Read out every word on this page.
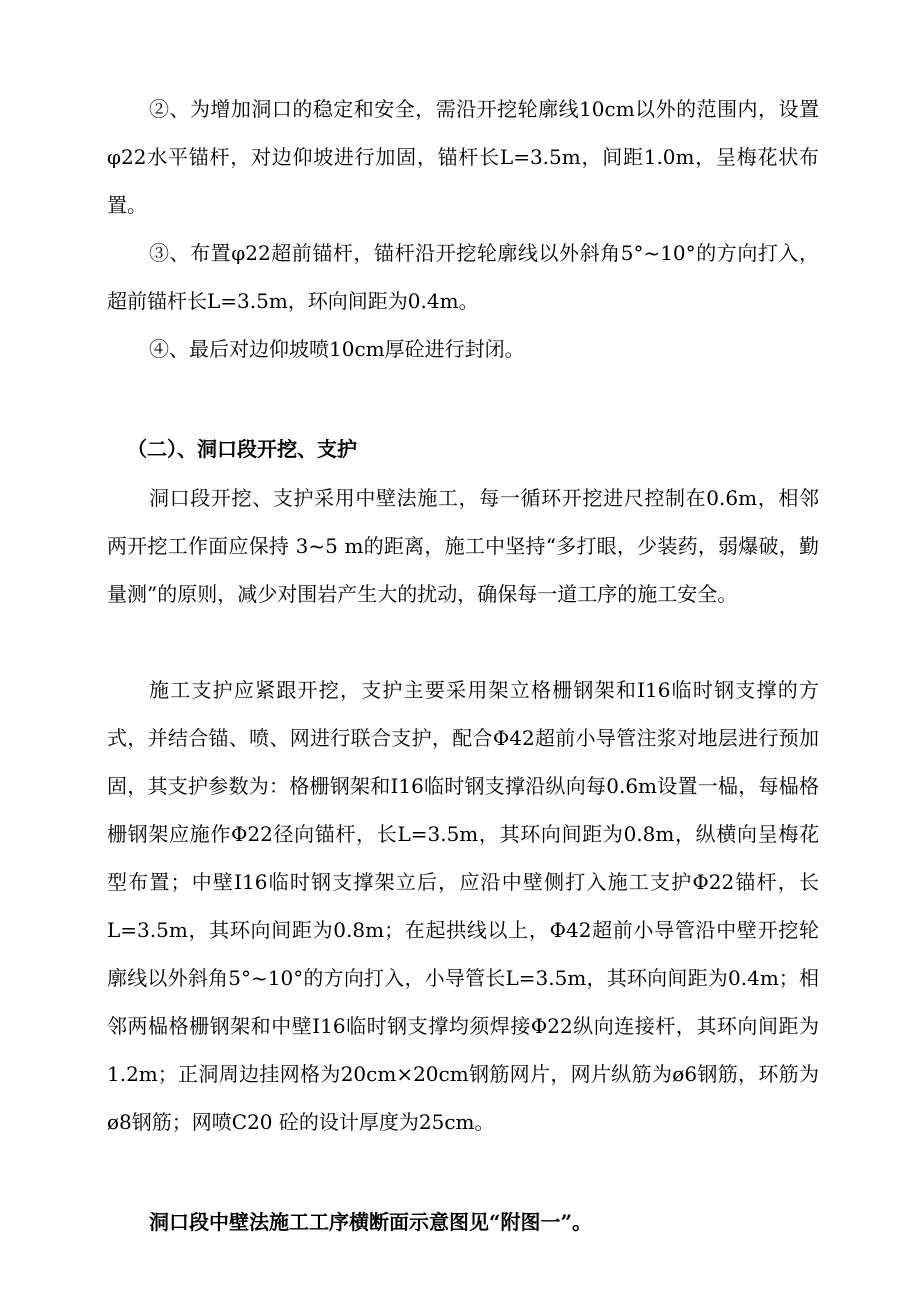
②、为增加洞口的稳定和安全，需沿开挖轮廓线10cm以外的范围内，设置φ22水平锚杆，对边仰坡进行加固，锚杆长L=3.5m，间距1.0m，呈梅花状布置。

③、布置φ22超前锚杆，锚杆沿开挖轮廓线以外斜角5°~10°的方向打入，超前锚杆长L=3.5m，环向间距为0.4m。

④、最后对边仰坡喷10cm厚砼进行封闭。

（二）、洞口段开挖、支护

洞口段开挖、支护采用中壁法施工，每一循环开挖进尺控制在0.6m，相邻两开挖工作面应保持 3~5 m的距离，施工中坚持“多打眼，少装药，弱爆破，勤量测”的原则，减少对围岩产生大的扰动，确保每一道工序的施工安全。

施工支护应紧跟开挖，支护主要采用架立格栅钢架和I16临时钢支撑的方式，并结合锚、喷、网进行联合支护，配合Φ42超前小导管注浆对地层进行预加固，其支护参数为：格栅钢架和I16临时钢支撑沿纵向每0.6m设置一榀，每榀格栅钢架应施作Φ22径向锚杆，长L=3.5m，其环向间距为0.8m，纵横向呈梅花型布置；中壁I16临时钢支撑架立后，应沿中壁侧打入施工支护Φ22锚杆，长L=3.5m，其环向间距为0.8m；在起拱线以上，Φ42超前小导管沿中壁开挖轮廓线以外斜角5°~10°的方向打入，小导管长L=3.5m，其环向间距为0.4m；相邻两榀格栅钢架和中壁I16临时钢支撑均须焊接Φ22纵向连接杆，其环向间距为1.2m；正洞周边挂网格为20cm×20cm钢筋网片，网片纵筋为ø6钢筋，环筋为ø8钢筋；网喷C20 砼的设计厚度为25cm。

洞口段中壁法施工工序横断面示意图见“附图一”。
